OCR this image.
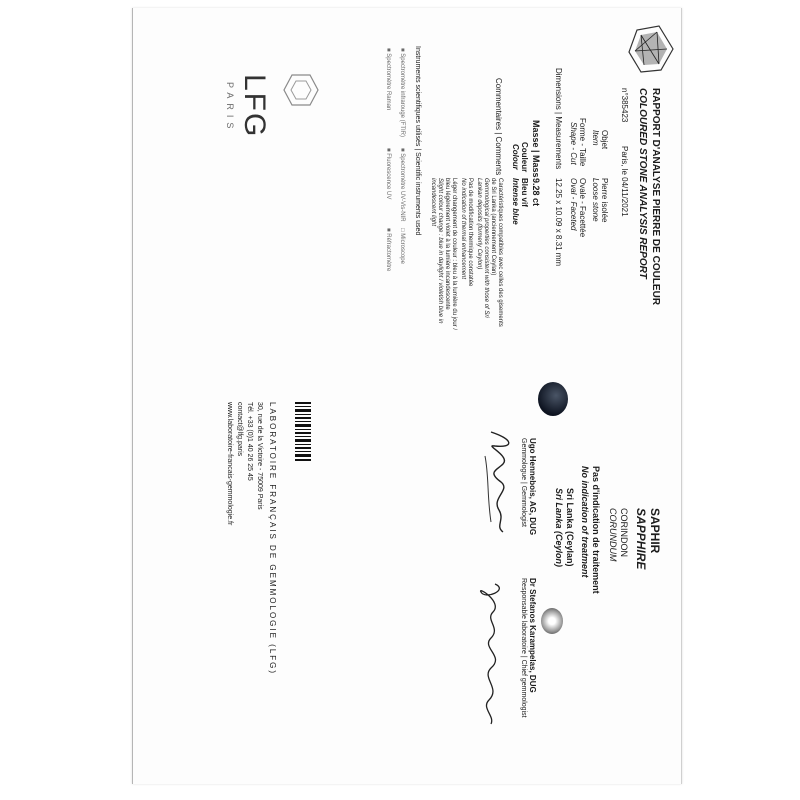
RAPPORT D'ANALYSE PIERRE DE COULEUR
COLOURED STONE ANALYSIS REPORT
n°385423
Paris, le 04/11/2021
Objet
Item
Pierre isolée
Loose stone
Forme - Taille
Shape - Cut
Ovale - Facettée
Oval - Faceted
Dimensions | Measurements
12.25 x 10.09 x 8.31 mm
Masse | Mass
9.28 ct
Couleur
Colour
Bleu vif
Intense blue
Commentaires | Comments
Caractéristiques compatibles avec celles des gisements
de Sri Lanka (anciennement Ceylan)
Gemmological properties consistent with those of Sri
Lankan deposits (formerly Ceylon)
Pas de modification thermique constatée
No indication of thermal enhancement
Léger changement de couleur : bleu à la lumière du jour /
bleu légèrement violet à la lumière incandescente
Slight colour change : blue in daylight / violetish blue in
incandescent light
Instruments scientifiques utilisés | Scientific instruments used
■ Spectromètre infrarouge (FTIR)
■ Spectromètre UV-Vis-NIR
□ Microscope
■ Spectromètre Raman
■ Fluorescence UV
■ Réfractomètre
LFG
PARIS
SAPHIR
SAPPHIRE
CORINDON
CORUNDUM
Pas d'indication de traitement
No indication of treatment
Sri Lanka (Ceylan)
Sri Lanka (Ceylon)
Ugo Hennebois, AG, DUG
Gemmologue | Gemmologist
Dr Stefanos Karampelas, DUG
Responsable laboratoire | Chief gemmologist
LABORATOIRE FRANÇAIS DE GEMMOLOGIE (LFG)
30, rue de la Victoire - 75009 Paris
Tél. +33 (0)1 40 26 25 45
contact@lfg.paris
www.laboratoire-francais-gemmologie.fr
